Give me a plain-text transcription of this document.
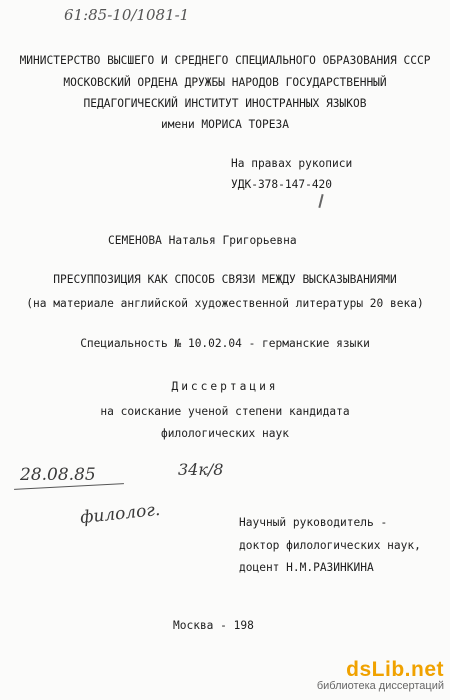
61:85-10/1081-1
МИНИСТЕРСТВО ВЫСШЕГО И СРЕДНЕГО СПЕЦИАЛЬНОГО ОБРАЗОВАНИЯ СССР
МОСКОВСКИЙ ОРДЕНА ДРУЖБЫ НАРОДОВ ГОСУДАРСТВЕННЫЙ
ПЕДАГОГИЧЕСКИЙ ИНСТИТУТ ИНОСТРАННЫХ ЯЗЫКОВ
имени МОРИСА ТОРЕЗА
На правах рукописи
УДК-378-147-420
СЕМЕНОВА Наталья Григорьевна
ПРЕСУППОЗИЦИЯ КАК СПОСОБ СВЯЗИ МЕЖДУ ВЫСКАЗЫВАНИЯМИ
(на материале английской художественной литературы 20 века)
Специальность № 10.02.04 - германские языки
Диссертация
на соискание ученой степени кандидата
филологических наук
28.08.85	34к/8
филолог.	Научный руководитель -
доктор филологических наук,
доцент Н.М.РАЗИНКИНА
Москва - 198
dsLib.net
библиотека диссертаций
